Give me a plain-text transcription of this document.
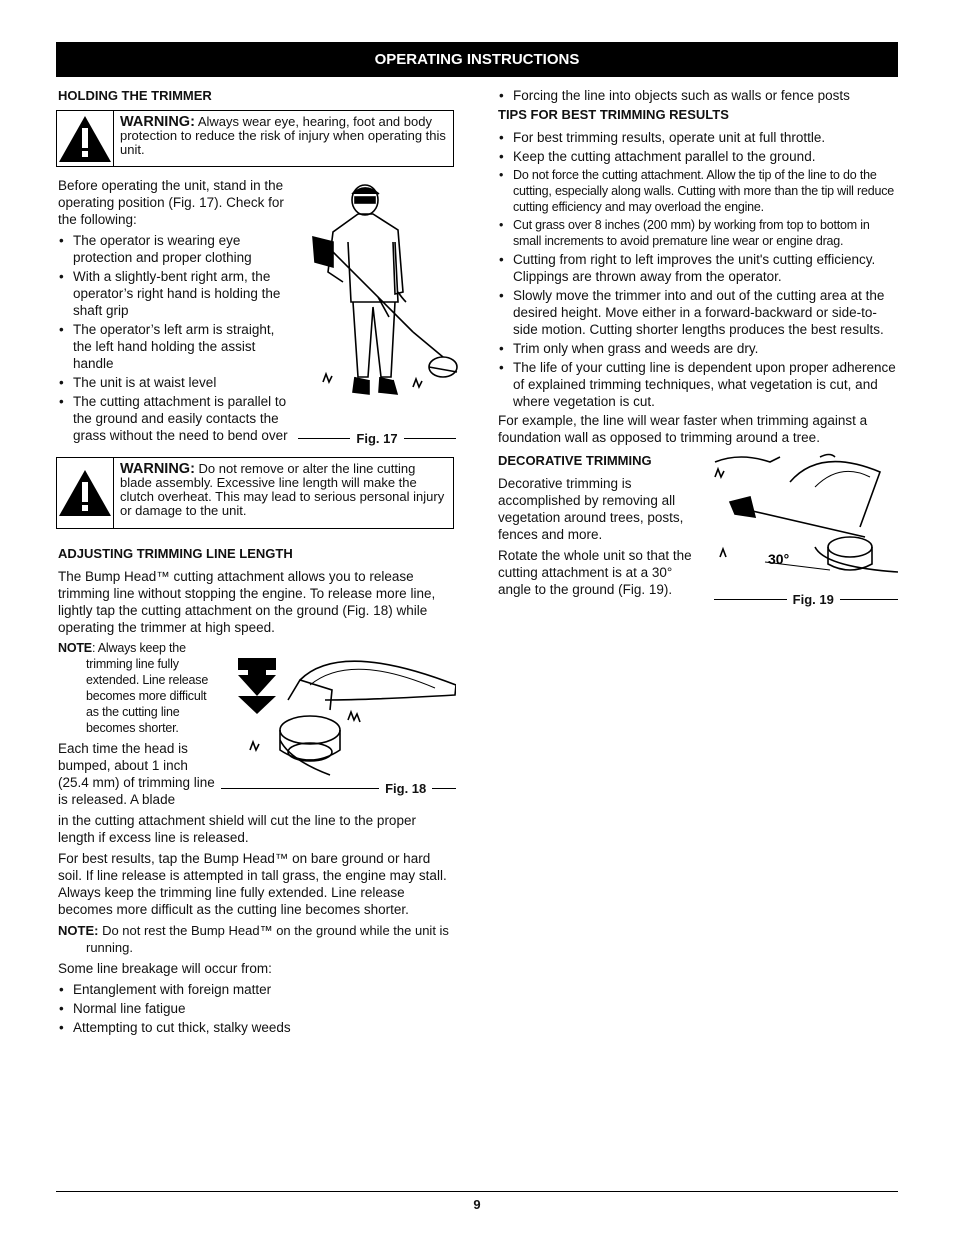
OPERATING INSTRUCTIONS
HOLDING THE TRIMMER
WARNING: Always wear eye, hearing, foot and body protection to reduce the risk of injury when operating this unit.

Before operating the unit, stand in the operating position (Fig. 17). Check for the following:

• The operator is wearing eye protection and proper clothing
• With a slightly-bent right arm, the operator’s right hand is holding the shaft grip
• The operator’s left arm is straight, the left hand holding the assist handle
• The unit is at waist level
• The cutting attachment is parallel to the ground and easily contacts the grass without the need to bend over	Fig. 17
WARNING: Do not remove or alter the line cutting blade assembly. Excessive line length will make the clutch overheat. This may lead to serious personal injury or damage to the unit.
ADJUSTING TRIMMING LINE LENGTH

The Bump Head™ cutting attachment allows you to release trimming line without stopping the engine. To release more line, lightly tap the cutting attachment on the ground (Fig. 18) while operating the trimmer at high speed.

NOTE: Always keep the trimming line fully extended. Line release becomes more difficult as the cutting line becomes shorter.

Each time the head is bumped, about 1 inch (25.4 mm) of trimming line is released. A blade

Fig. 18

in the cutting attachment shield will cut the line to the proper length if excess line is released.

For best results, tap the Bump Head™ on bare ground or hard soil. If line release is attempted in tall grass, the engine may stall. Always keep the trimming line fully extended. Line release becomes more difficult as the cutting line becomes shorter.

NOTE: Do not rest the Bump Head™ on the ground while the unit is running.

Some line breakage will occur from:

• Entanglement with foreign matter
• Normal line fatigue
• Attempting to cut thick, stalky weeds
• Forcing the line into objects such as walls or fence posts
TIPS FOR BEST TRIMMING RESULTS
• For best trimming results, operate unit at full throttle.
• Keep the cutting attachment parallel to the ground.
• Do not force the cutting attachment. Allow the tip of the line to do the cutting, especially along walls. Cutting with more than the tip will reduce cutting efficiency and may overload the engine.
• Cut grass over 8 inches (200 mm) by working from top to bottom in small increments to avoid premature line wear or engine drag.
• Cutting from right to left improves the unit's cutting efficiency. Clippings are thrown away from the operator.
• Slowly move the trimmer into and out of the cutting area at the desired height. Move either in a forward-backward or side-to-side motion. Cutting shorter lengths produces the best results.
• Trim only when grass and weeds are dry.
• The life of your cutting line is dependent upon proper adherence of explained trimming techniques, what vegetation is cut, and where vegetation is cut.

For example, the line will wear faster when trimming against a foundation wall as opposed to trimming around a tree.

DECORATIVE TRIMMING

Decorative trimming is accomplished by removing all vegetation around trees, posts, fences and more.

Rotate the whole unit so that the cutting attachment is at a 30° angle to the ground (Fig. 19).

30°
Fig. 19
9
